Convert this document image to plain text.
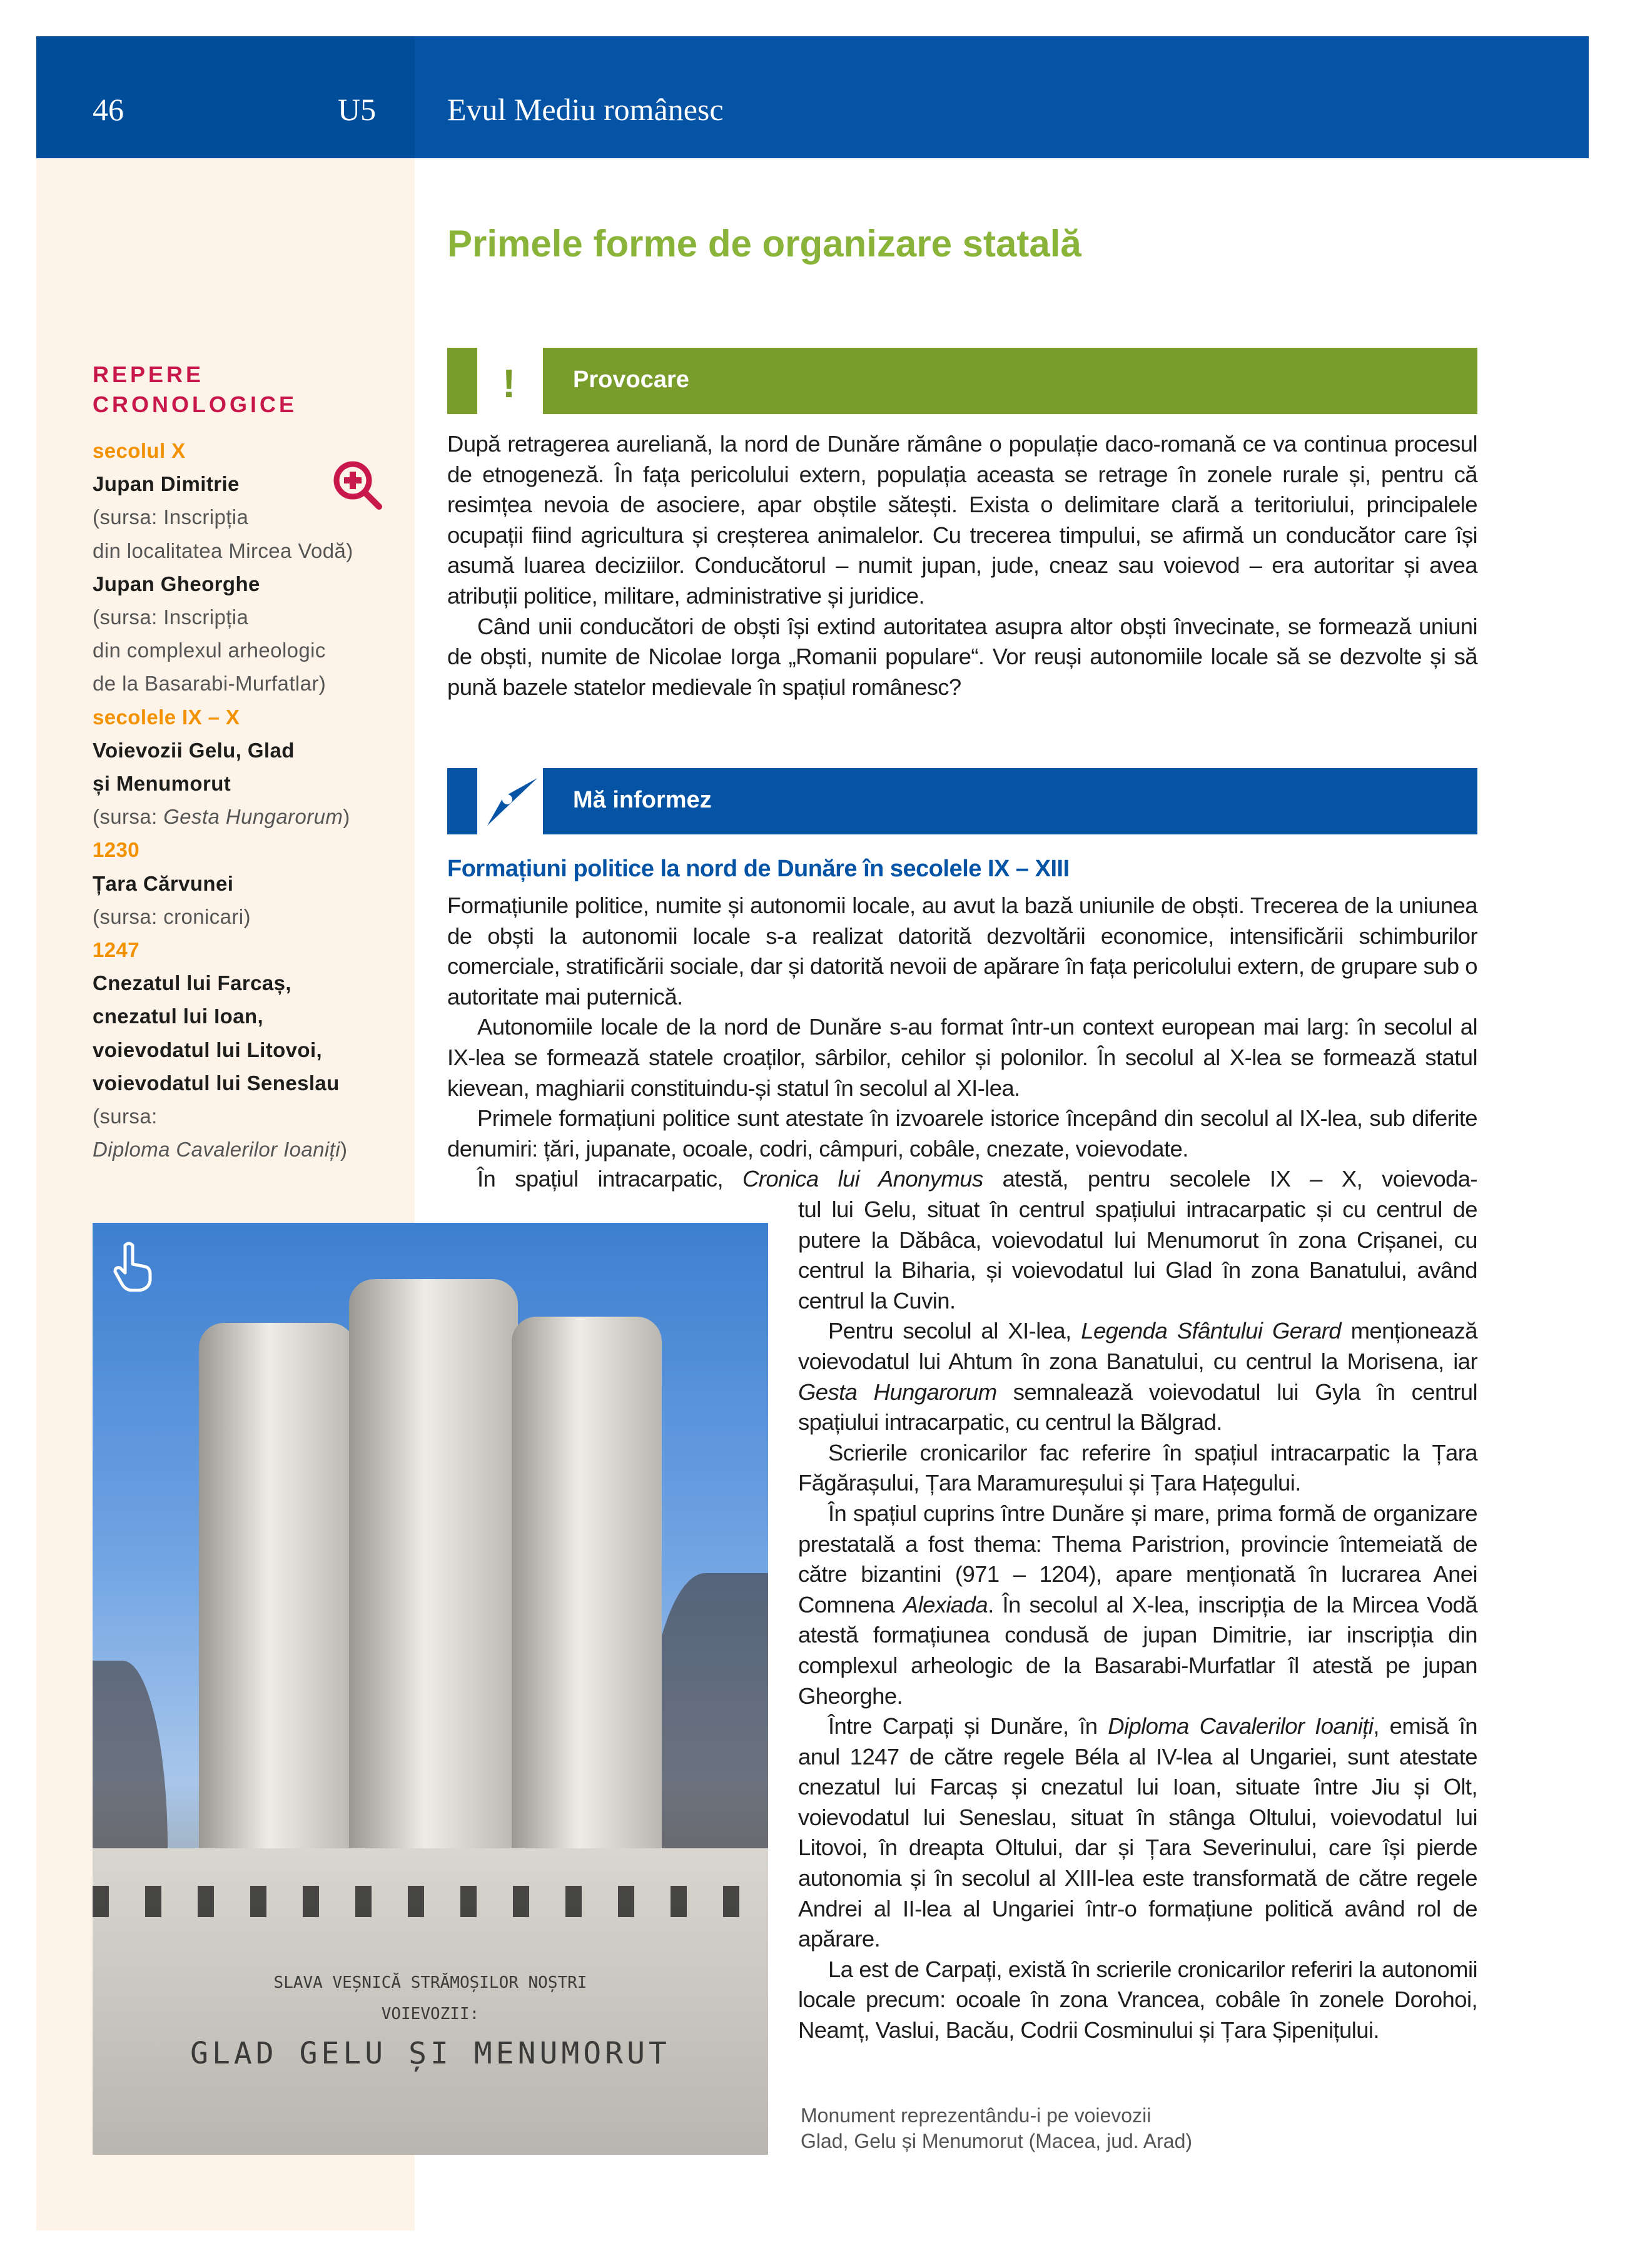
46	U5 Evul Mediu românesc
REPERE
CRONOLOGICE
secolul X
Jupan Dimitrie
(sursa: Inscripția
din localitatea Mircea Vodă)
Jupan Gheorghe
(sursa: Inscripția
din complexul arheologic
de la Basarabi-Murfatlar)
secolele IX – X
Voievozii Gelu, Glad
și Menumorut
(sursa: Gesta Hungarorum)
1230
Țara Cărvunei
(sursa: cronicari)
1247
Cnezatul lui Farcaș,
cnezatul lui Ioan,
voievodatul lui Litovoi,
voievodatul lui Seneslau
(sursa:
Diploma Cavalerilor Ioaniți)
Primele forme de organizare statală
! Provocare

După retragerea aureliană, la nord de Dunăre rămâne o populație daco-romană ce va continua procesul de etnogeneză. În fața pericolului extern, populația aceasta se retrage în zonele rurale și, pentru că resimțea nevoia de asociere, apar obștile sătești. Exista o delimitare clară a teritoriului, principalele ocupații fiind agricultura și creșterea animalelor. Cu trecerea timpului, se afirmă un conducător care își asumă luarea deciziilor. Conducătorul – numit jupan, jude, cneaz sau voievod – era autoritar și avea atribuții politice, militare, administrative și juridice.

Când unii conducători de obști își extind autoritatea asupra altor obști învecinate, se formează uniuni de obști, numite de Nicolae Iorga „Romanii populare“. Vor reuși autonomiile locale să se dezvolte și să pună bazele statelor medievale în spațiul românesc?

Mă informez
Formațiuni politice la nord de Dunăre în secolele IX – XIII

Formațiunile politice, numite și autonomii locale, au avut la bază uniunile de obști. Trecerea de la uniunea de obști la autonomii locale s-a realizat datorită dezvoltării economice, intensificării schimburilor comerciale, stratificării sociale, dar și datorită nevoii de apărare în fața pericolului extern, de grupare sub o autoritate mai puternică.

Autonomiile locale de la nord de Dunăre s-au format într-un context european mai larg: în secolul al IX-lea se formează statele croaților, sârbilor, cehilor și polonilor. În secolul al X-lea se formează statul kievean, maghiarii constituindu-și statul în secolul al XI-lea.

Primele formațiuni politice sunt atestate în izvoarele istorice începând din secolul al IX-lea, sub diferite denumiri: țări, jupanate, ocoale, codri, câmpuri, cobâle, cnezate, voievodate.

În spațiul intracarpatic, Cronica lui Anonymus atestă, pentru secolele IX – X, voievoda-

tul lui Gelu, situat în centrul spațiului intracarpatic și cu centrul de putere la Dăbâca, voievodatul lui Menumorut în zona Crișanei, cu centrul la Biharia, și voievodatul lui Glad în zona Banatului, având centrul la Cuvin.

Pentru secolul al XI-lea, Legenda Sfântului Gerard menționează voievodatul lui Ahtum în zona Banatului, cu centrul la Morisena, iar Gesta Hungarorum semnalează voievodatul lui Gyla în centrul spațiului intracarpatic, cu centrul la Bălgrad.

Scrierile cronicarilor fac referire în spațiul intracarpatic la Țara Făgărașului, Țara Maramureșului și Țara Hațegului.

În spațiul cuprins între Dunăre și mare, prima formă de organizare prestatală a fost thema: Thema Paristrion, provincie întemeiată de către bizantini (971 – 1204), apare menționată în lucrarea Anei Comnena Alexiada. În secolul al X-lea, inscripția de la Mircea Vodă atestă formațiunea condusă de jupan Dimitrie, iar inscripția din complexul arheologic de la Basarabi-Murfatlar îl atestă pe jupan Gheorghe.

Între Carpați și Dunăre, în Diploma Cavalerilor Ioaniți, emisă în anul 1247 de către regele Béla al IV-lea al Ungariei, sunt atestate cnezatul lui Farcaș și cnezatul lui Ioan, situate între Jiu și Olt, voievodatul lui Seneslau, situat în stânga Oltului, voievodatul lui Litovoi, în dreapta Oltului, dar și Țara Severinului, care își pierde autonomia și în secolul al XIII-lea este transformată de către regele Andrei al II-lea al Ungariei într-o formațiune politică având rol de apărare.

La est de Carpați, există în scrierile cronicarilor referiri la autonomii locale precum: ocoale în zona Vrancea, cobâle în zonele Dorohoi, Neamț, Vaslui, Bacău, Codrii Cosminului și Țara Șipenițului.

SLAVA VEȘNICĂ STRĂMOȘILOR NOȘTRI
VOIEVOZII:
GLAD GELU ȘI MENUMORUT
Monument reprezentându-i pe voievozii
Glad, Gelu și Menumorut (Macea, jud. Arad)
